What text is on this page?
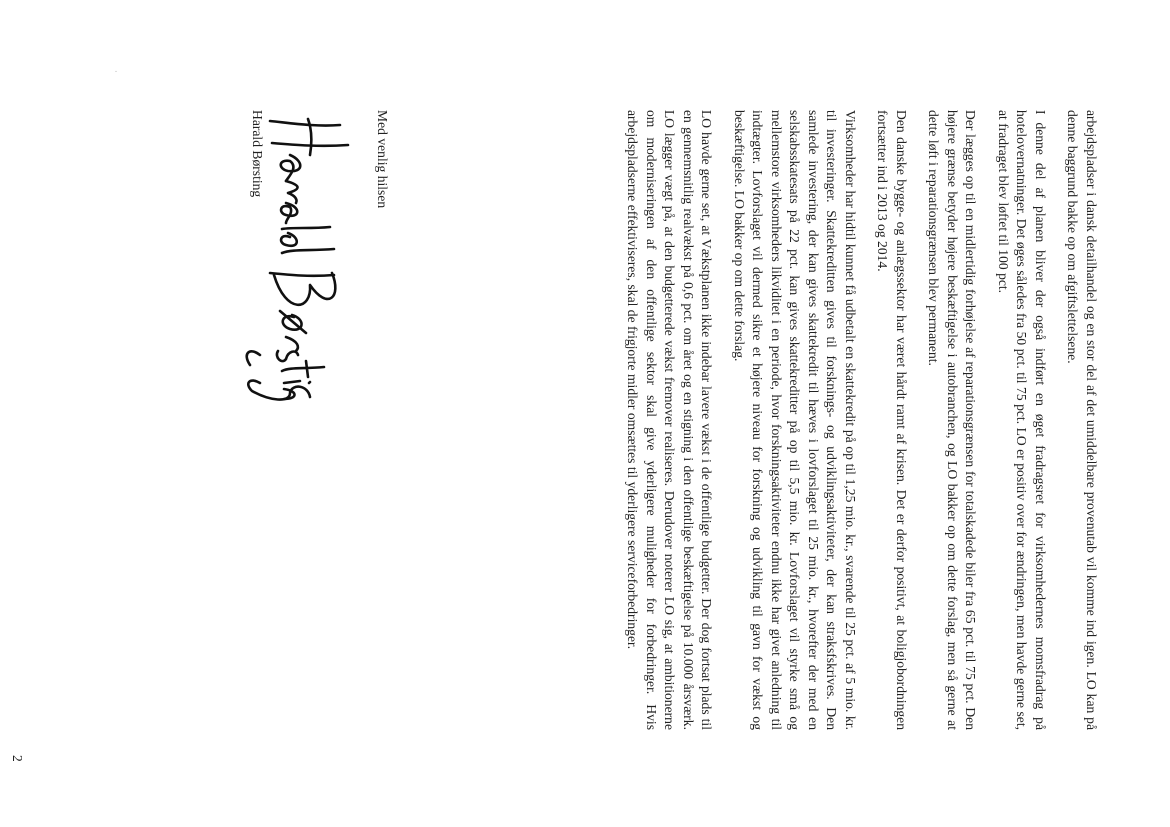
·

arbejdspladser i dansk detailhandel og en stor del af det umiddelbare provenutab vil komme ind igen. LO kan på denne baggrund bakke op om afgiftslettelsene.

I denne del af planen bliver der også indført en øget fradragsret for virksomhedernes momsfradrag på hotelovernatninger. Det øges således fra 50 pct. til 75 pct. LO er positiv over for ændringen, men havde gerne set, at fradraget blev løftet til 100 pct.

Der lægges op til en midlertidig forhøjelse af reparationsgrænsen for totalskadede biler fra 65 pct. til 75 pct. Den højere grænse betyder højere beskæftigelse i autobranchen, og LO bakker op om dette forslag, men så gerne at dette løft i reparationsgrænsen blev permanent.

Den danske bygge- og anlægssektor har været hårdt ramt af krisen. Det er derfor positivt, at boligjobordningen fortsætter ind i 2013 og 2014.

Virksomheder har hidtil kunnet få udbetalt en skattekredit på op til 1,25 mio. kr., svarende til 25 pct. af 5 mio. kr. til investeringer. Skattekreditten gives til forsknings- og udviklingsaktiviteter, der kan straksfskrives. Den samlede investering, der kan gives skattekredit til hæves i lovforslaget til 25 mio. kr., hvorefter der med en selskabsskatesats på 22 pct. kan gives skattekreditter på op til 5,5 mio. kr. Lovforslaget vil styrke små og mellemstore virksomheders likviditet i en periode, hvor forskningsaktiviteter endnu ikke har givet anledning til indtægter. Lovforslaget vil dermed sikre et højere niveau for forskning og udvikling til gavn for vækst og beskæftigelse. LO bakker op om dette forslag.

LO havde gerne set, at Vækstplanen ikke indebar lavere vækst i de offentlige budgetter. Der dog fortsat plads til en gennemsnitlig realvækst på 0,6 pct. om året og en stigning i den offentlige beskæftigelse på 10.000 årsværk. LO lægger vægt på, at den budgetterede vækst fremover realiseres. Derudover noterer LO sig, at ambitionerne om moderniseringen af den offentlige sektor skal give yderligere muligheder for forbedringer. Hvis arbejdspladserne effektiviseres, skal de frigjorte midler omsættes til yderligere serviceforbedringer.

Med venlig hilsen
Harald Børsting
2
